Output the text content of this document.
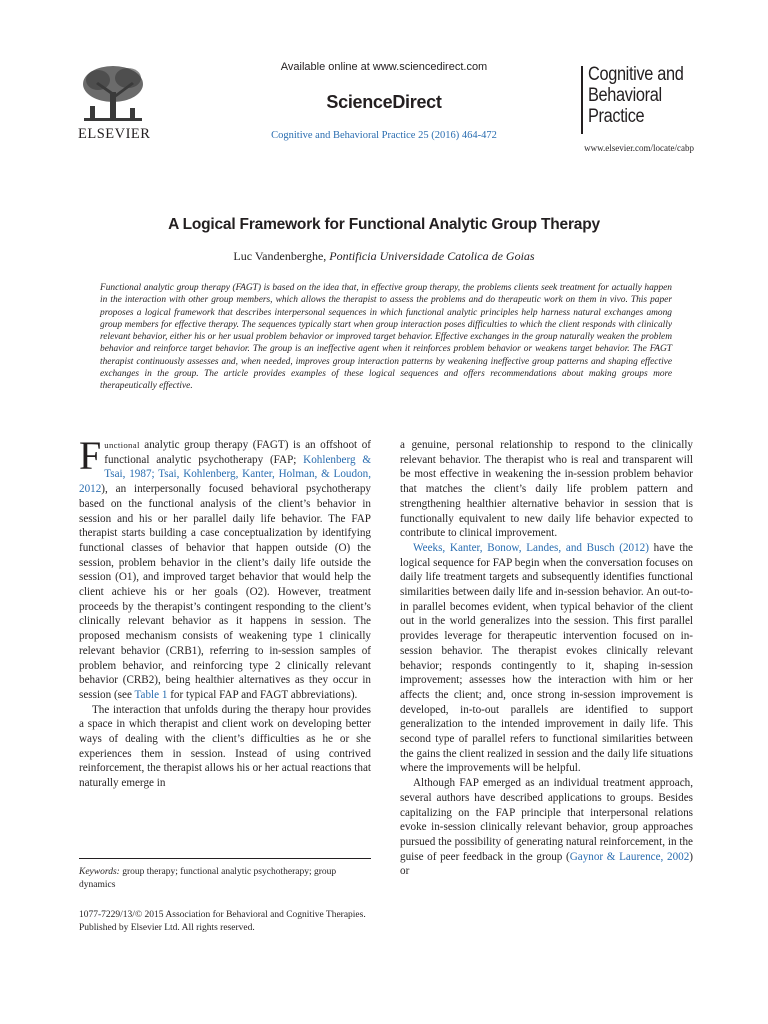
ELSEVIER
Available online at www.sciencedirect.com
ScienceDirect
Cognitive and Behavioral Practice 25 (2016) 464-472
Cognitive and
Behavioral
Practice
www.elsevier.com/locate/cabp
A Logical Framework for Functional Analytic Group Therapy
Luc Vandenberghe, Pontificia Universidade Catolica de Goias
Functional analytic group therapy (FAGT) is based on the idea that, in effective group therapy, the problems clients seek treatment for actually happen in the interaction with other group members, which allows the therapist to assess the problems and do therapeutic work on them in vivo. This paper proposes a logical framework that describes interpersonal sequences in which functional analytic principles help harness natural exchanges among group members for effective therapy. The sequences typically start when group interaction poses difficulties to which the client responds with clinically relevant behavior, either his or her usual problem behavior or improved target behavior. Effective exchanges in the group naturally weaken the problem behavior and reinforce target behavior. The group is an ineffective agent when it reinforces problem behavior or weakens target behavior. The FAGT therapist continuously assesses and, when needed, improves group interaction patterns by weakening ineffective group patterns and shaping effective exchanges in the group. The article provides examples of these logical sequences and offers recommendations about making groups more therapeutically effective.

Functional analytic group therapy (FAGT) is an offshoot of functional analytic psychotherapy (FAP; Kohlenberg & Tsai, 1987; Tsai, Kohlenberg, Kanter, Holman, & Loudon, 2012), an interpersonally focused behavioral psychotherapy based on the functional analysis of the client’s behavior in session and his or her parallel daily life behavior. The FAP therapist starts building a case conceptualization by identifying functional classes of behavior that happen outside (O) the session, problem behavior in the client’s daily life outside the session (O1), and improved target behavior that would help the client achieve his or her goals (O2). However, treatment proceeds by the therapist’s contingent responding to the client’s clinically relevant behavior as it happens in session. The proposed mechanism consists of weakening type 1 clinically relevant behavior (CRB1), referring to in-session samples of problem behavior, and reinforcing type 2 clinically relevant behavior (CRB2), being healthier alternatives as they occur in session (see Table 1 for typical FAP and FAGT abbreviations).

The interaction that unfolds during the therapy hour provides a space in which therapist and client work on developing better ways of dealing with the client’s difficulties as he or she experiences them in session. Instead of using contrived reinforcement, the therapist allows his or her actual reactions that naturally emerge in

a genuine, personal relationship to respond to the clinically relevant behavior. The therapist who is real and transparent will be most effective in weakening the in-session problem behavior that matches the client’s daily life problem pattern and strengthening healthier alternative behavior in session that is functionally equivalent to new daily life behavior expected to contribute to clinical improvement.

Weeks, Kanter, Bonow, Landes, and Busch (2012) have the logical sequence for FAP begin when the conversation focuses on daily life treatment targets and subsequently identifies functional similarities between daily life and in-session behavior. An out-to-in parallel becomes evident, when typical behavior of the client out in the world generalizes into the session. This first parallel provides leverage for therapeutic intervention focused on in-session behavior. The therapist evokes clinically relevant behavior; responds contingently to it, shaping in-session improvement; assesses how the interaction with him or her affects the client; and, once strong in-session improvement is developed, in-to-out parallels are identified to support generalization to the intended improvement in daily life. This second type of parallel refers to functional similarities between the gains the client realized in session and the daily life situations where the improvements will be helpful.

Although FAP emerged as an individual treatment approach, several authors have described applications to groups. Besides capitalizing on the FAP principle that interpersonal relations evoke in-session clinically relevant behavior, group approaches pursued the possibility of generating natural reinforcement, in the guise of peer feedback in the group (Gaynor & Laurence, 2002) or

Keywords: group therapy; functional analytic psychotherapy; group dynamics
1077-7229/13/© 2015 Association for Behavioral and Cognitive Therapies. Published by Elsevier Ltd. All rights reserved.
